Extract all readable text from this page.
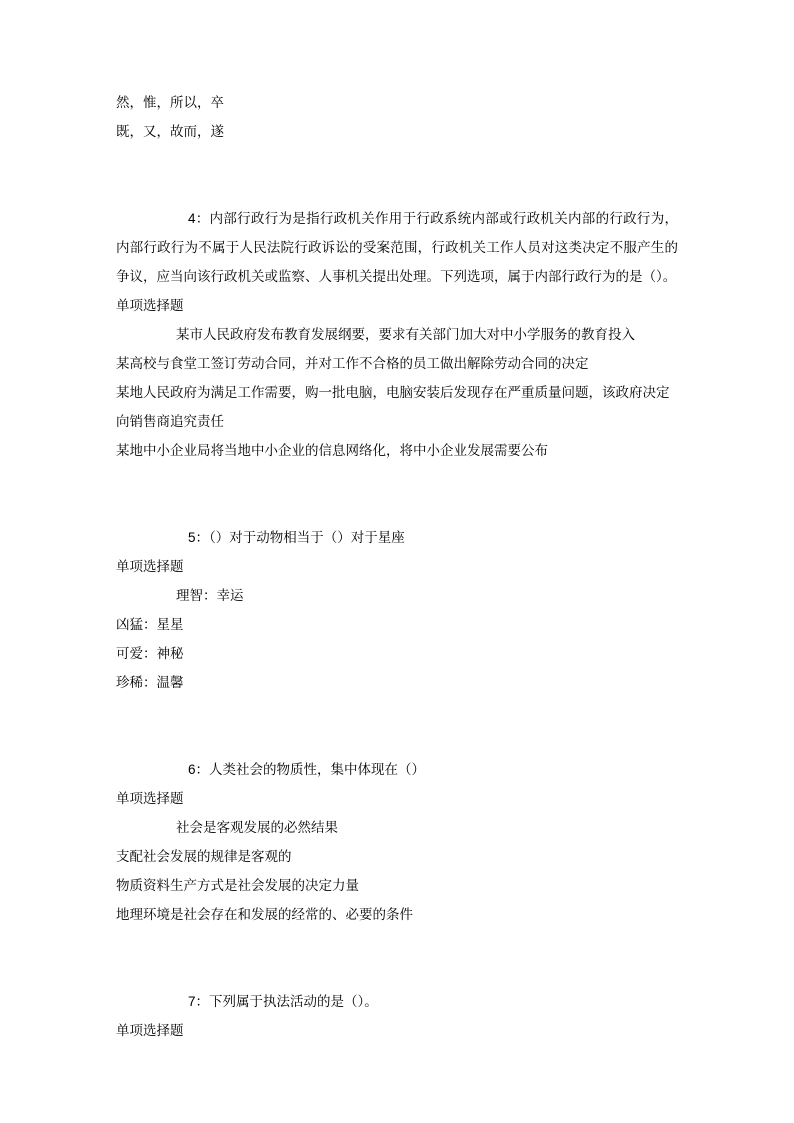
然，惟，所以，卒
既，又，故而，遂
4：内部行政行为是指行政机关作用于行政系统内部或行政机关内部的行政行为，内部行政行为不属于人民法院行政诉讼的受案范围，行政机关工作人员对这类决定不服产生的争议，应当向该行政机关或监察、人事机关提出处理。下列选项，属于内部行政行为的是（）。
单项选择题
某市人民政府发布教育发展纲要，要求有关部门加大对中小学服务的教育投入
某高校与食堂工签订劳动合同，并对工作不合格的员工做出解除劳动合同的决定
某地人民政府为满足工作需要，购一批电脑，电脑安装后发现存在严重质量问题，该政府决定向销售商追究责任
某地中小企业局将当地中小企业的信息网络化，将中小企业发展需要公布
5：（）对于动物相当于（）对于星座
单项选择题
理智：幸运
凶猛：星星
可爱：神秘
珍稀：温馨
6：人类社会的物质性，集中体现在（）
单项选择题
社会是客观发展的必然结果
支配社会发展的规律是客观的
物质资料生产方式是社会发展的决定力量
地理环境是社会存在和发展的经常的、必要的条件
7：下列属于执法活动的是（）。
单项选择题
